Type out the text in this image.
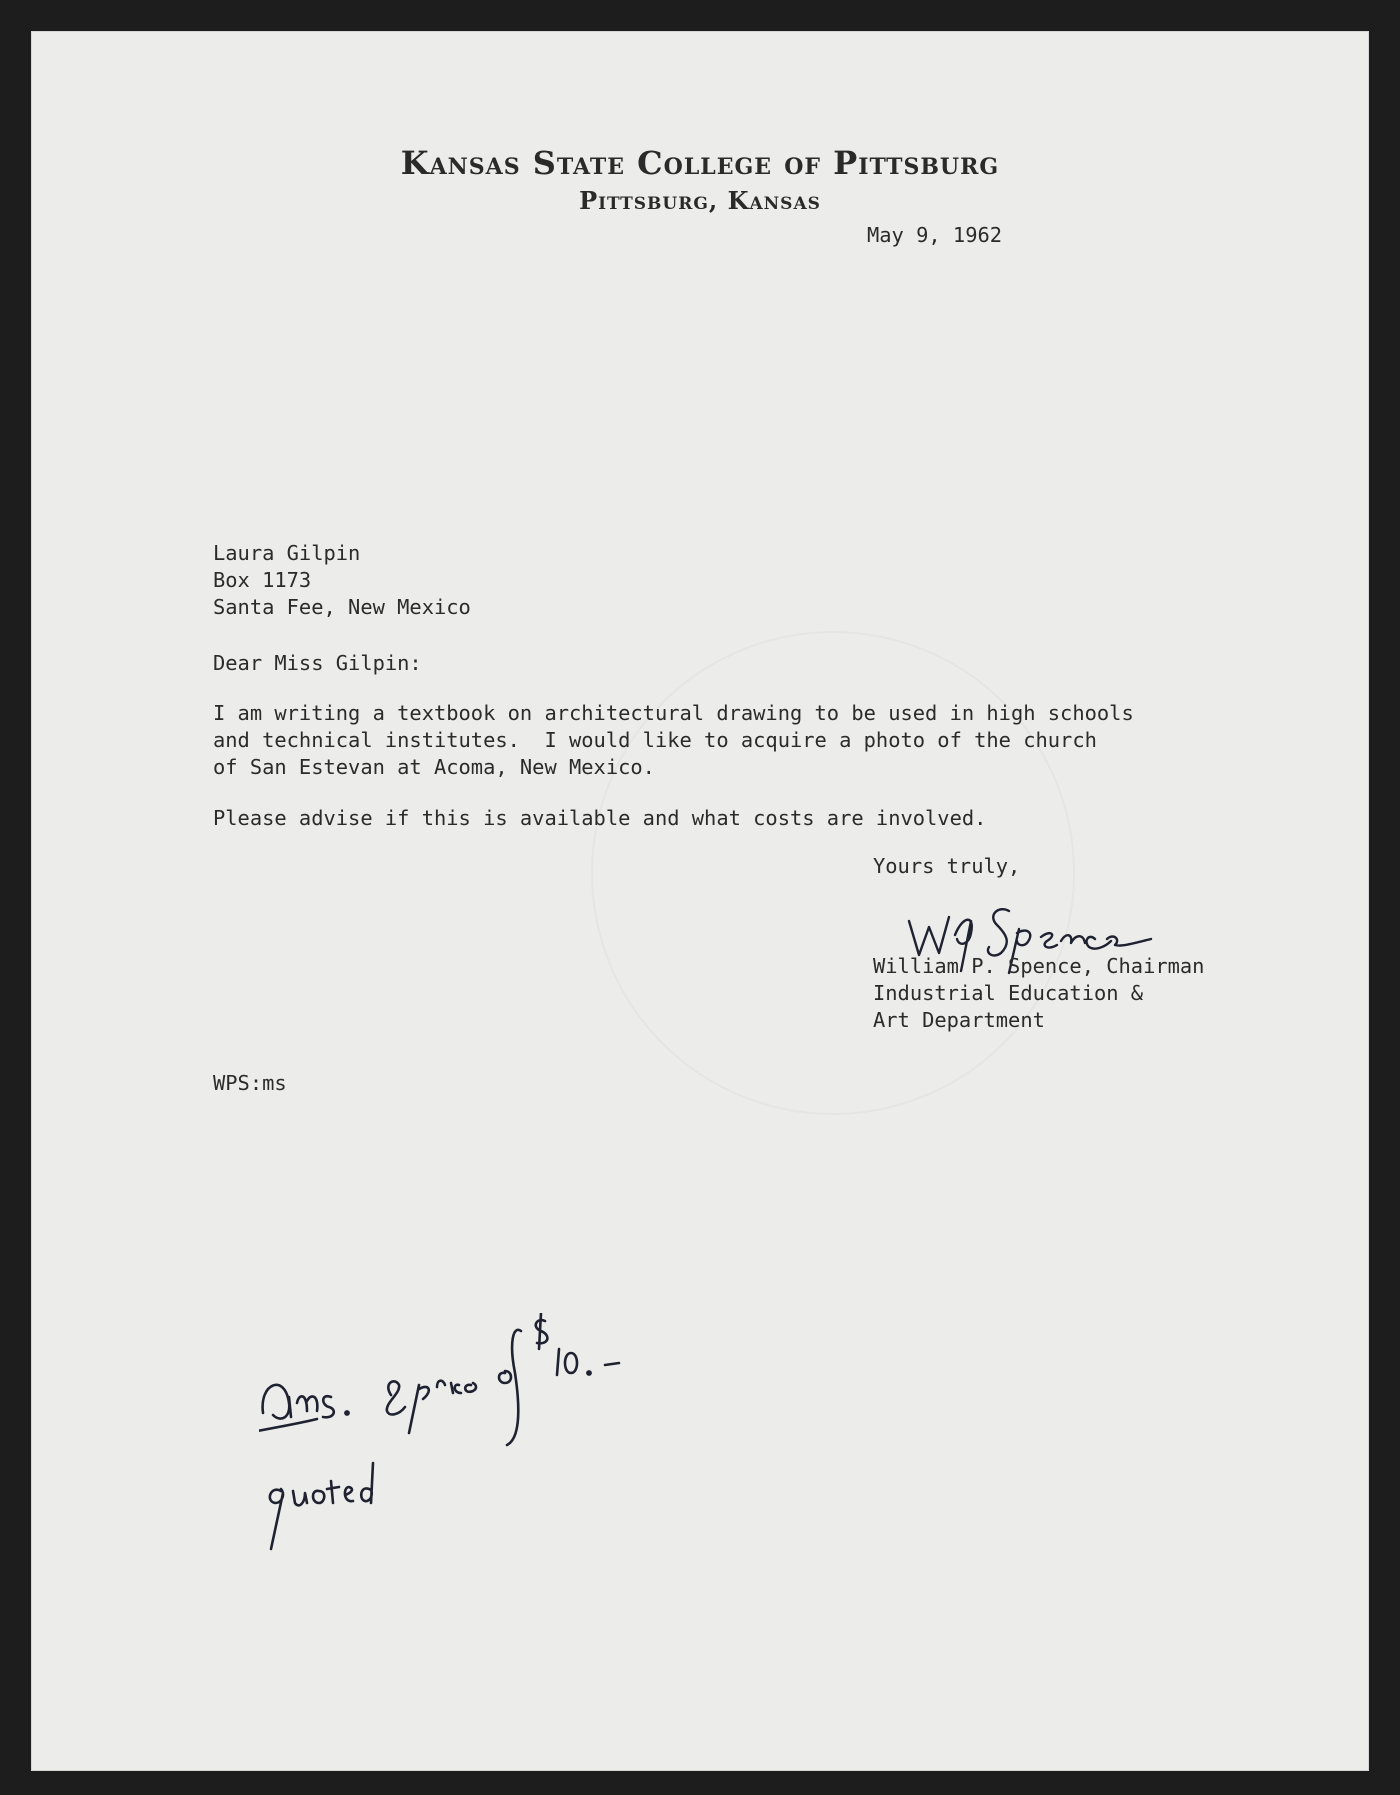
Kansas State College of Pittsburg
Pittsburg, Kansas
May 9, 1962
Laura Gilpin
Box 1173
Santa Fee, New Mexico
Dear Miss Gilpin:
I am writing a textbook on architectural drawing to be used in high schools
and technical institutes.  I would like to acquire a photo of the church
of San Estevan at Acoma, New Mexico.
Please advise if this is available and what costs are involved.
Yours truly,
William P. Spence, Chairman
Industrial Education &
Art Department
WPS:ms
